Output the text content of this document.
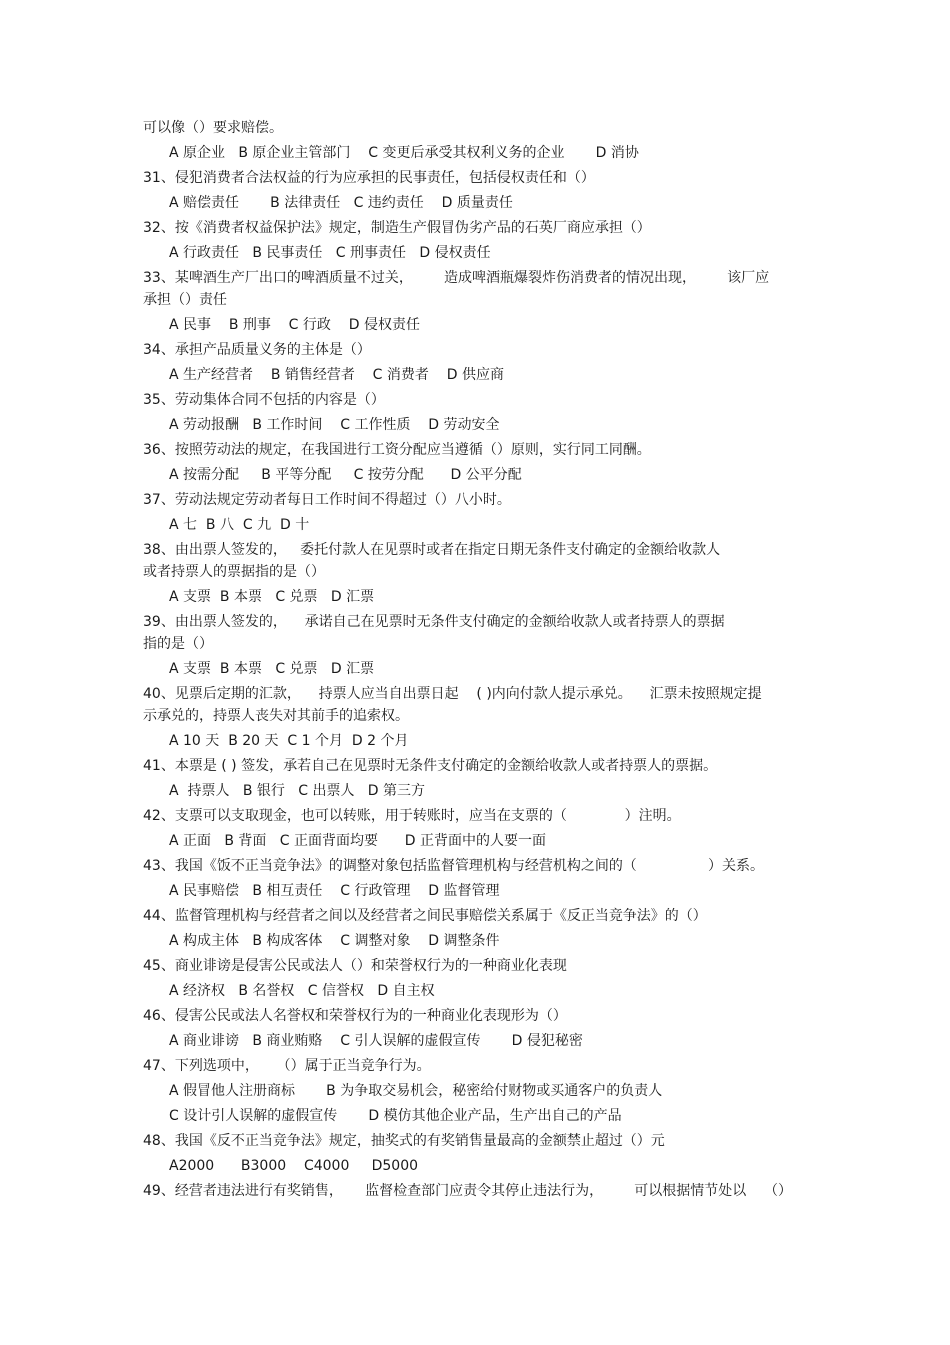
可以像（）要求赔偿。
A 原企业   B 原企业主管部门    C 变更后承受其权利义务的企业       D 消协
31、侵犯消费者合法权益的行为应承担的民事责任，包括侵权责任和（）
A 赔偿责任       B 法律责任   C 违约责任    D 质量责任
32、按《消费者权益保护法》规定，制造生产假冒伪劣产品的石英厂商应承担（）
A 行政责任   B 民事责任   C 刑事责任   D 侵权责任
33、某啤酒生产厂出口的啤酒质量不过关，       造成啤酒瓶爆裂炸伤消费者的情况出现，       该厂应
承担（）责任
A 民事    B 刑事    C 行政    D 侵权责任
34、承担产品质量义务的主体是（）
A 生产经营者    B 销售经营者    C 消费者    D 供应商
35、劳动集体合同不包括的内容是（）
A 劳动报酬   B 工作时间    C 工作性质    D 劳动安全
36、按照劳动法的规定，在我国进行工资分配应当遵循（）原则，实行同工同酬。
A 按需分配     B 平等分配     C 按劳分配      D 公平分配
37、劳动法规定劳动者每日工作时间不得超过（）八小时。
A 七  B 八  C 九  D 十
38、由出票人签发的，   委托付款人在见票时或者在指定日期无条件支付确定的金额给收款人
或者持票人的票据指的是（）
A 支票  B 本票   C 兑票   D 汇票
39、由出票人签发的，    承诺自己在见票时无条件支付确定的金额给收款人或者持票人的票据
指的是（）
A 支票  B 本票   C 兑票   D 汇票
40、见票后定期的汇款，    持票人应当自出票日起    ( )内向付款人提示承兑。    汇票未按照规定提
示承兑的，持票人丧失对其前手的追索权。
A 10 天  B 20 天  C 1 个月  D 2 个月
41、本票是 ( ) 签发，承若自己在见票时无条件支付确定的金额给收款人或者持票人的票据。
A  持票人   B 银行   C 出票人   D 第三方
42、支票可以支取现金，也可以转账，用于转账时，应当在支票的（             ）注明。
A 正面   B 背面   C 正面背面均要      D 正背面中的人要一面
43、我国《饭不正当竞争法》的调整对象包括监督管理机构与经营机构之间的（                ）关系。
A 民事赔偿   B 相互责任    C 行政管理    D 监督管理
44、监督管理机构与经营者之间以及经营者之间民事赔偿关系属于《反正当竞争法》的（）
A 构成主体   B 构成客体    C 调整对象    D 调整条件
45、商业诽谤是侵害公民或法人（）和荣誉权行为的一种商业化表现
A 经济权   B 名誉权   C 信誉权   D 自主权
46、侵害公民或法人名誉权和荣誉权行为的一种商业化表现形为（）
A 商业诽谤   B 商业贿赂    C 引人误解的虚假宣传       D 侵犯秘密
47、下列选项中，    （）属于正当竞争行为。
A 假冒他人注册商标       B 为争取交易机会，秘密给付财物或买通客户的负责人
C 设计引人误解的虚假宣传       D 模仿其他企业产品，生产出自己的产品
48、我国《反不正当竞争法》规定，抽奖式的有奖销售量最高的金额禁止超过（）元
A2000      B3000    C4000     D5000
49、经营者违法进行有奖销售，     监督检查部门应责令其停止违法行为，       可以根据情节处以    （）
